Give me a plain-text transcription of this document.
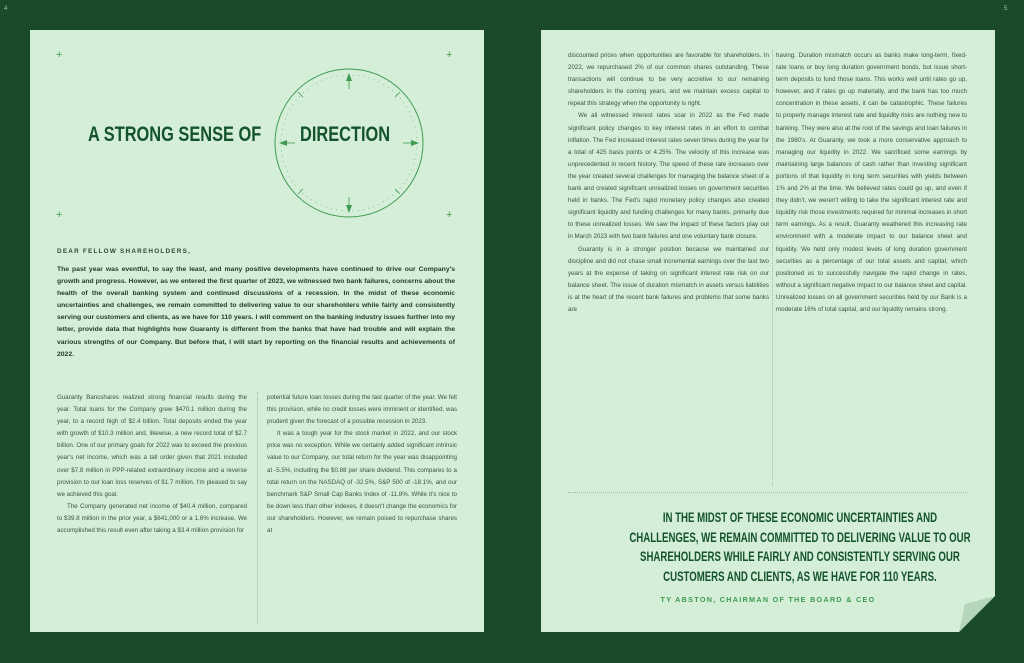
4	5
+	+
+	+
A STRONG SENSE OF DIRECTION
DEAR FELLOW SHAREHOLDERS,

The past year was eventful, to say the least, and many positive developments have continued to drive our Company's growth and progress. However, as we entered the first quarter of 2023, we witnessed two bank failures, concerns about the health of the overall banking system and continued discussions of a recession. In the midst of these economic uncertainties and challenges, we remain committed to delivering value to our shareholders while fairly and consistently serving our customers and clients, as we have for 110 years. I will comment on the banking industry issues further into my letter, provide data that highlights how Guaranty is different from the banks that have had trouble and will explain the various strengths of our Company. But before that, I will start by reporting on the financial results and achievements of 2022.

Guaranty Bancshares realized strong financial results during the year. Total loans for the Company grew $470.1 million during the year, to a record high of $2.4 billion. Total deposits ended the year with growth of $10.3 million and, likewise, a new record total of $2.7 billion. One of our primary goals for 2022 was to exceed the previous year's net income, which was a tall order given that 2021 included over $7.8 million in PPP-related extraordinary income and a reverse provision to our loan loss reserves of $1.7 million. I'm pleased to say we achieved this goal.

The Company generated net income of $40.4 million, compared to $39.8 million in the prior year, a $641,000 or a 1.6% increase. We accomplished this result even after taking a $3.4 million provision for

potential future loan losses during the last quarter of the year. We felt this provision, while no credit losses were imminent or identified, was prudent given the forecast of a possible recession in 2023.

It was a tough year for the stock market in 2022, and our stock price was no exception. While we certainly added significant intrinsic value to our Company, our total return for the year was disappointing at -5.5%, including the $0.88 per share dividend. This compares to a total return on the NASDAQ of -32.5%, S&P 500 of -18.1%, and our benchmark S&P Small Cap Banks Index of -11.8%. While it's nice to be down less than other indexes, it doesn't change the economics for our shareholders. However, we remain poised to repurchase shares at

discounted prices when opportunities are favorable for shareholders. In 2022, we repurchased 2% of our common shares outstanding. These transactions will continue to be very accretive to our remaining shareholders in the coming years, and we maintain excess capital to repeat this strategy when the opportunity is right.

We all witnessed interest rates soar in 2022 as the Fed made significant policy changes to key interest rates in an effort to combat inflation. The Fed increased interest rates seven times during the year for a total of 425 basis points or 4.25%. The velocity of this increase was unprecedented in recent history. The speed of these rate increases over the year created several challenges for managing the balance sheet of a bank and created significant unrealized losses on government securities held in banks. The Fed's rapid monetary policy changes also created significant liquidity and funding challenges for many banks, primarily due to these unrealized losses. We saw the impact of these factors play out in March 2023 with two bank failures and one voluntary bank closure.

Guaranty is in a stronger position because we maintained our discipline and did not chase small incremental earnings over the last two years at the expense of taking on significant interest rate risk on our balance sheet. The issue of duration mismatch in assets versus liabilities is at the heart of the recent bank failures and problems that some banks are

having. Duration mismatch occurs as banks make long-term, fixed-rate loans or buy long duration government bonds, but issue short-term deposits to fund those loans. This works well until rates go up, however, and if rates go up materially, and the bank has too much concentration in these assets, it can be catastrophic. These failures to properly manage interest rate and liquidity risks are nothing new to banking. They were also at the root of the savings and loan failures in the 1980's. At Guaranty, we took a more conservative approach to managing our liquidity in 2022. We sacrificed some earnings by maintaining large balances of cash rather than investing significant portions of that liquidity in long term securities with yields between 1% and 2% at the time. We believed rates could go up, and even if they didn't, we weren't willing to take the significant interest rate and liquidity risk those investments required for minimal increases in short term earnings. As a result, Guaranty weathered this increasing rate environment with a moderate impact to our balance sheet and liquidity. We held only modest levels of long duration government securities as a percentage of our total assets and capital, which positioned us to successfully navigate the rapid change in rates, without a significant negative impact to our balance sheet and capital. Unrealized losses on all government securities held by our Bank is a moderate 16% of total capital, and our liquidity remains strong.

IN THE MIDST OF THESE ECONOMIC UNCERTAINTIES AND
CHALLENGES, WE REMAIN COMMITTED TO DELIVERING VALUE TO OUR
SHAREHOLDERS WHILE FAIRLY AND CONSISTENTLY SERVING OUR
CUSTOMERS AND CLIENTS, AS WE HAVE FOR 110 YEARS.
TY ABSTON, CHAIRMAN OF THE BOARD & CEO
